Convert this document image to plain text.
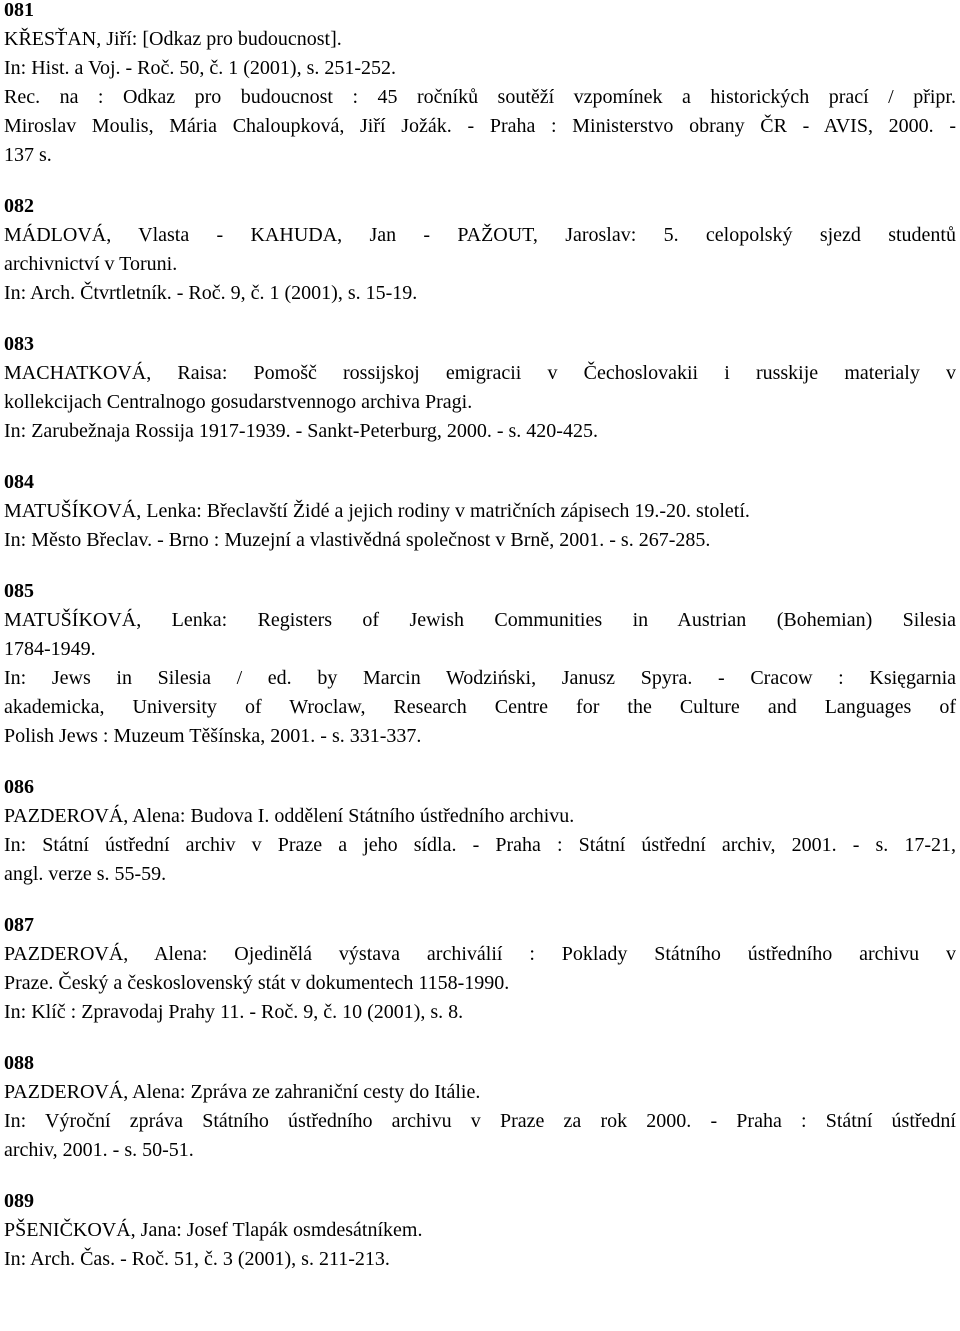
081
KŘESŤAN, Jiří: [Odkaz pro budoucnost].
In: Hist. a Voj. - Roč. 50, č. 1 (2001), s. 251-252.
Rec. na : Odkaz pro budoucnost : 45 ročníků soutěží vzpomínek a historických prací / připr.
Miroslav Moulis, Mária Chaloupková, Jiří Jožák. - Praha : Ministerstvo obrany ČR - AVIS, 2000. -
137 s.
082
MÁDLOVÁ, Vlasta - KAHUDA, Jan - PAŽOUT, Jaroslav: 5. celopolský sjezd studentů
archivnictví v Toruni.
In: Arch. Čtvrtletník. - Roč. 9, č. 1 (2001), s. 15-19.
083
MACHATKOVÁ, Raisa: Pomošč rossijskoj emigracii v Čechoslovakii i russkije materialy v
kollekcijach Centralnogo gosudarstvennogo archiva Pragi.
In: Zarubežnaja Rossija 1917-1939. - Sankt-Peterburg, 2000. - s. 420-425.
084
MATUŠÍKOVÁ, Lenka: Břeclavští Židé a jejich rodiny v matričních zápisech 19.-20. století.
In: Město Břeclav. - Brno : Muzejní a vlastivědná společnost v Brně, 2001. - s. 267-285.
085
MATUŠÍKOVÁ, Lenka: Registers of Jewish Communities in Austrian (Bohemian) Silesia
1784-1949.
In: Jews in Silesia / ed. by Marcin Wodziński, Janusz Spyra. - Cracow : Księgarnia
akademicka, University of Wroclaw, Research Centre for the Culture and Languages of
Polish Jews : Muzeum Těšínska, 2001. - s. 331-337.
086
PAZDEROVÁ, Alena: Budova I. oddělení Státního ústředního archivu.
In: Státní ústřední archiv v Praze a jeho sídla. - Praha : Státní ústřední archiv, 2001. - s. 17-21,
angl. verze s. 55-59.
087
PAZDEROVÁ, Alena: Ojedinělá výstava archiválií : Poklady Státního ústředního archivu v
Praze. Český a československý stát v dokumentech 1158-1990.
In: Klíč : Zpravodaj Prahy 11. - Roč. 9, č. 10 (2001), s. 8.
088
PAZDEROVÁ, Alena: Zpráva ze zahraniční cesty do Itálie.
In: Výroční zpráva Státního ústředního archivu v Praze za rok 2000. - Praha : Státní ústřední
archiv, 2001. - s. 50-51.
089
PŠENIČKOVÁ, Jana: Josef Tlapák osmdesátníkem.
In: Arch. Čas. - Roč. 51, č. 3 (2001), s. 211-213.
